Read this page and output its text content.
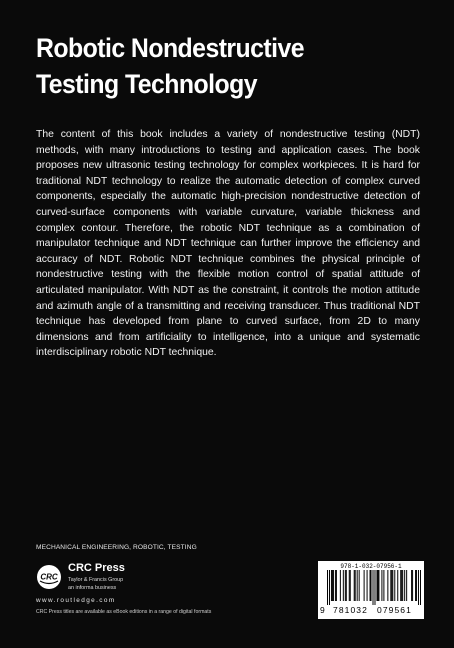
Robotic Nondestructive
Testing Technology

The content of this book includes a variety of nondestructive testing (NDT) methods, with many introductions to testing and application cases. The book proposes new ultrasonic testing technology for complex workpieces. It is hard for traditional NDT technology to realize the automatic detection of complex curved components, especially the automatic high-precision nondestructive detection of curved-surface components with variable curvature, variable thickness and complex contour. Therefore, the robotic NDT technique as a combination of manipulator technique and NDT technique can further improve the efficiency and accuracy of NDT. Robotic NDT technique combines the physical principle of nondestructive testing with the flexible motion control of spatial attitude of articulated manipulator. With NDT as the constraint, it controls the motion attitude and azimuth angle of a transmitting and receiving transducer. Thus traditional NDT technique has developed from plane to curved surface, from 2D to many dimensions and from artificiality to intelligence, into a unique and systematic interdisciplinary robotic NDT technique.

MECHANICAL ENGINEERING, ROBOTIC, TESTING
CRC
CRC Press
Taylor & Francis Group
an informa business
www.routledge.com
CRC Press titles are available as eBook editions in a range of digital formats
978-1-032-07956-1
9 781032 079561
